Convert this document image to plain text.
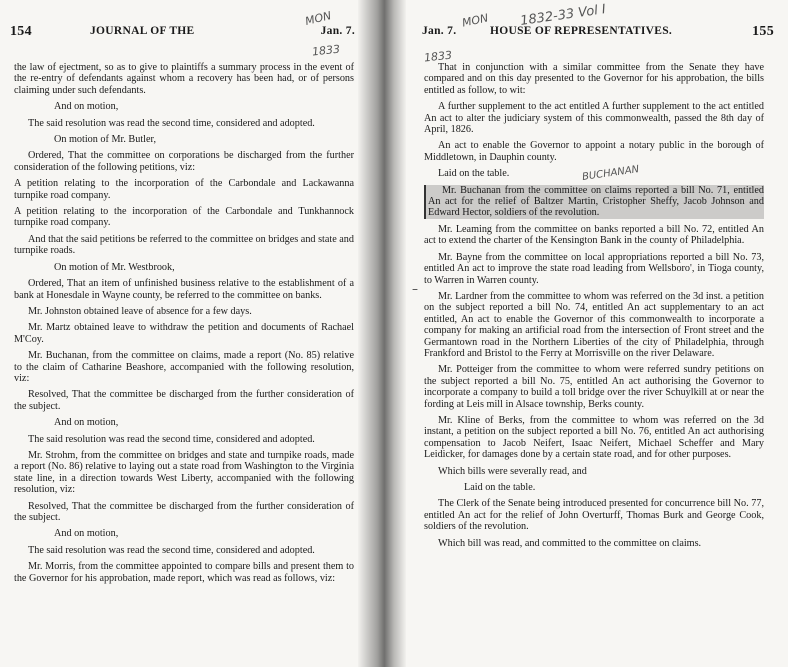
154	JOURNAL OF THE	Jan. 7.
MON
1833

the law of ejectment, so as to give to plaintiffs a summary process in the event of the re-entry of defendants against whom a recovery has been had, or of persons claiming under such defendants.

And on motion,

The said resolution was read the second time, considered and adopted.

On motion of Mr. Butler,

Ordered, That the committee on corporations be discharged from the further consideration of the following petitions, viz:

A petition relating to the incorporation of the Carbondale and Lackawanna turnpike road company.

A petition relating to the incorporation of the Carbondale and Tunkhannock turnpike road company.

And that the said petitions be referred to the committee on bridges and state and turnpike roads.

On motion of Mr. Westbrook,

Ordered, That an item of unfinished business relative to the establishment of a bank at Honesdale in Wayne county, be referred to the committee on banks.

Mr. Johnston obtained leave of absence for a few days.

Mr. Martz obtained leave to withdraw the petition and documents of Rachael M'Coy.

Mr. Buchanan, from the committee on claims, made a report (No. 85) relative to the claim of Catharine Beashore, accompanied with the following resolution, viz:

Resolved, That the committee be discharged from the further consideration of the subject.

And on motion,

The said resolution was read the second time, considered and adopted.

Mr. Strohm, from the committee on bridges and state and turnpike roads, made a report (No. 86) relative to laying out a state road from Washington to the Virginia state line, in a direction towards West Liberty, accompanied with the following resolution, viz:

Resolved, That the committee be discharged from the further consideration of the subject.

And on motion,

The said resolution was read the second time, considered and adopted.

Mr. Morris, from the committee appointed to compare bills and present them to the Governor for his approbation, made report, which was read as follows, viz:

Jan. 7.	HOUSE OF REPRESENTATIVES.	155

That in conjunction with a similar committee from the Senate they have compared and on this day presented to the Governor for his approbation, the bills entitled as follow, to wit:

A further supplement to the act entitled A further supplement to the act entitled An act to alter the judiciary system of this commonwealth, passed the 8th day of April, 1826.

An act to enable the Governor to appoint a notary public in the borough of Middletown, in Dauphin county.

Laid on the table.

Mr. Buchanan from the committee on claims reported a bill No. 71, entitled An act for the relief of Baltzer Martin, Cristopher Sheffy, Jacob Johnson and Edward Hector, soldiers of the revolution.

Mr. Leaming from the committee on banks reported a bill No. 72, entitled An act to extend the charter of the Kensington Bank in the county of Philadelphia.

Mr. Bayne from the committee on local appropriations reported a bill No. 73, entitled An act to improve the state road leading from Wellsboro', in Tioga county, to Warren in Warren county.

Mr. Lardner from the committee to whom was referred on the 3d inst. a petition on the subject reported a bill No. 74, entitled An act supplementary to an act entitled, An act to enable the Governor of this commonwealth to incorporate a company for making an artificial road from the intersection of Front street and the Germantown road in the Northern Liberties of the city of Philadelphia, through Frankford and Bristol to the Ferry at Morrisville on the river Delaware.

Mr. Potteiger from the committee to whom were referred sundry petitions on the subject reported a bill No. 75, entitled An act authorising the Governor to incorporate a company to build a toll bridge over the river Schuylkill at or near the fording at Leis mill in Alsace township, Berks county.

Mr. Kline of Berks, from the committee to whom was referred on the 3d instant, a petition on the subject reported a bill No. 76, entitled An act authorising compensation to Jacob Neifert, Isaac Neifert, Michael Scheffer and Mary Leidicker, for damages done by a certain state road, and for other purposes.

Which bills were severally read, and

Laid on the table.

The Clerk of the Senate being introduced presented for concurrence bill No. 77, entitled An act for the relief of John Overturff, Thomas Burk and George Cook, soldiers of the revolution.

Which bill was read, and committed to the committee on claims.

MON 1832-33 Vol I
1833
BUCHANAN
–
